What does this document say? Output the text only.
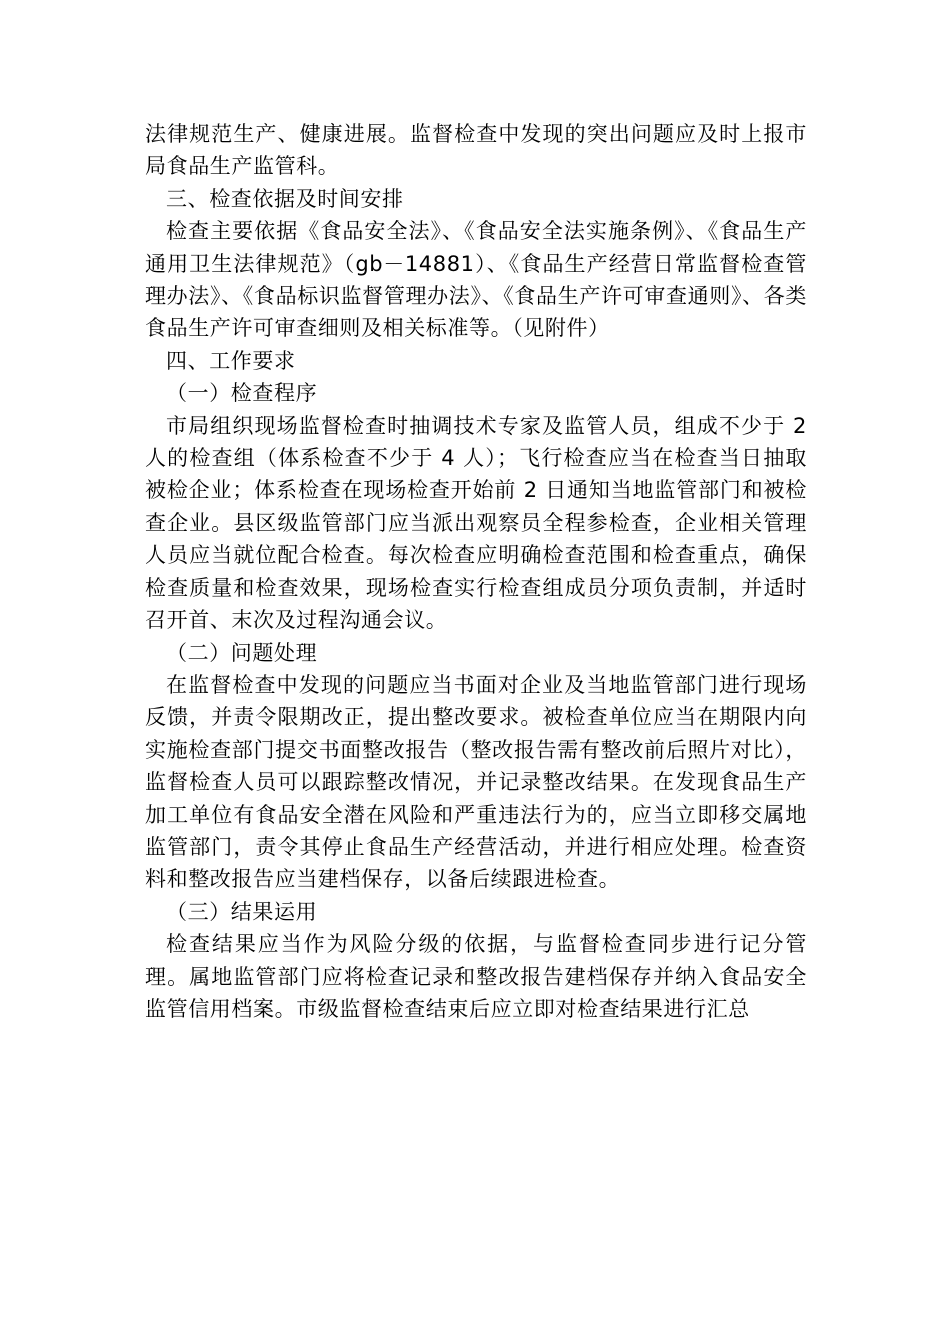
法律规范生产、健康进展。监督检查中发现的突出问题应及时上报市局食品生产监管科。

三、检查依据及时间安排

检查主要依据《食品安全法》、《食品安全法实施条例》、《食品生产通用卫生法律规范》（gb－14881）、《食品生产经营日常监督检查管理办法》、《食品标识监督管理办法》、《食品生产许可审查通则》、各类食品生产许可审查细则及相关标准等。（见附件）

四、工作要求

（一）检查程序

市局组织现场监督检查时抽调技术专家及监管人员，组成不少于 2 人的检查组（体系检查不少于 4 人）；飞行检查应当在检查当日抽取被检企业；体系检查在现场检查开始前 2 日通知当地监管部门和被检查企业。县区级监管部门应当派出观察员全程参检查，企业相关管理人员应当就位配合检查。每次检查应明确检查范围和检查重点，确保检查质量和检查效果，现场检查实行检查组成员分项负责制，并适时召开首、末次及过程沟通会议。

（二）问题处理

在监督检查中发现的问题应当书面对企业及当地监管部门进行现场反馈，并责令限期改正，提出整改要求。被检查单位应当在期限内向实施检查部门提交书面整改报告（整改报告需有整改前后照片对比），监督检查人员可以跟踪整改情况，并记录整改结果。在发现食品生产加工单位有食品安全潜在风险和严重违法行为的，应当立即移交属地监管部门，责令其停止食品生产经营活动，并进行相应处理。检查资料和整改报告应当建档保存，以备后续跟进检查。

（三）结果运用

检查结果应当作为风险分级的依据，与监督检查同步进行记分管理。属地监管部门应将检查记录和整改报告建档保存并纳入食品安全监管信用档案。市级监督检查结束后应立即对检查结果进行汇总
